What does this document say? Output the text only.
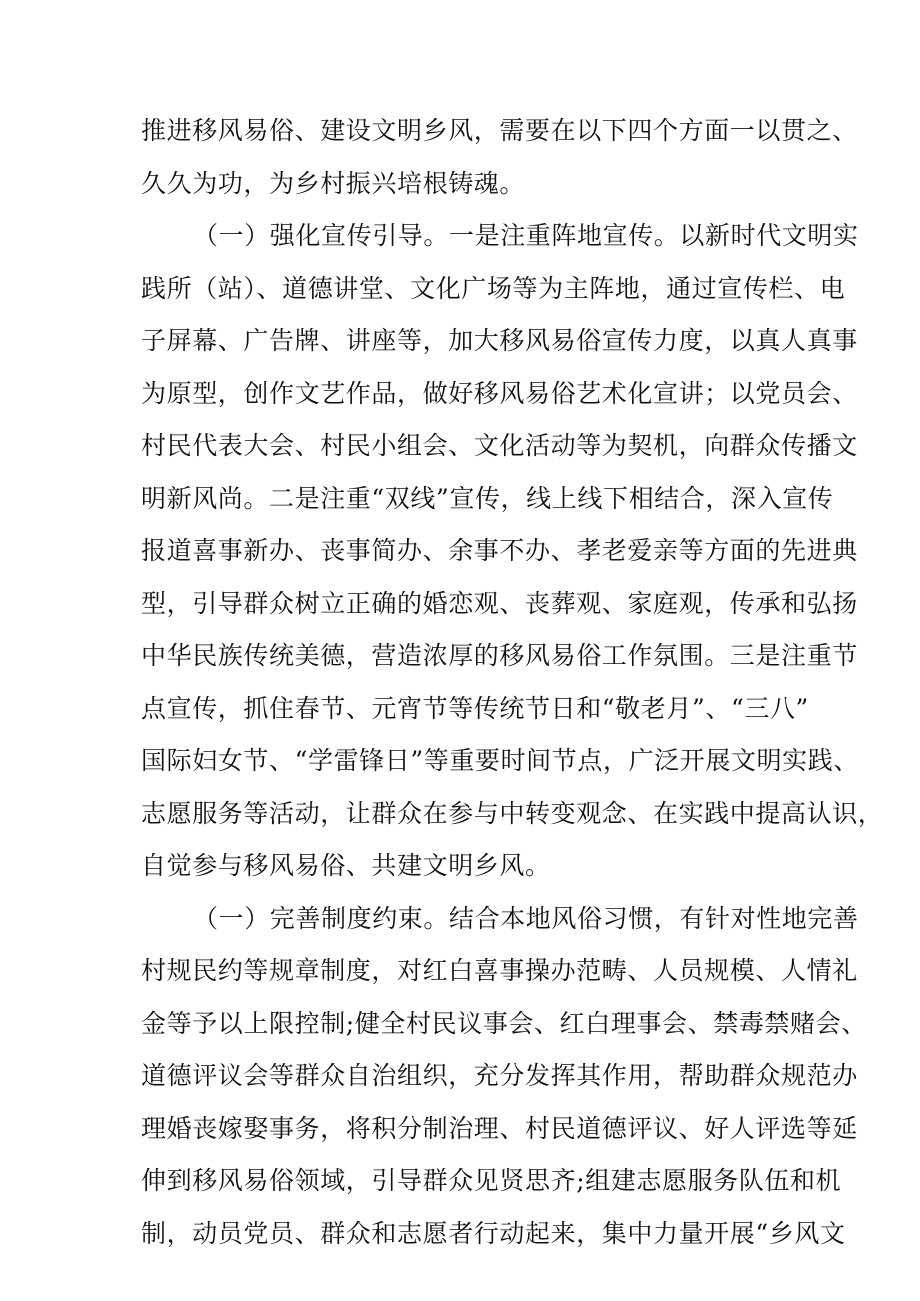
推进移风易俗、建设文明乡风，需要在以下四个方面一以贯之、
久久为功，为乡村振兴培根铸魂。
（一）强化宣传引导。一是注重阵地宣传。以新时代文明实
践所（站）、道德讲堂、文化广场等为主阵地，通过宣传栏、电
子屏幕、广告牌、讲座等，加大移风易俗宣传力度，以真人真事
为原型，创作文艺作品，做好移风易俗艺术化宣讲；以党员会、
村民代表大会、村民小组会、文化活动等为契机，向群众传播文
明新风尚。二是注重“双线”宣传，线上线下相结合，深入宣传
报道喜事新办、丧事简办、余事不办、孝老爱亲等方面的先进典
型，引导群众树立正确的婚恋观、丧葬观、家庭观，传承和弘扬
中华民族传统美德，营造浓厚的移风易俗工作氛围。三是注重节
点宣传，抓住春节、元宵节等传统节日和“敬老月”、“三八”
国际妇女节、“学雷锋日”等重要时间节点，广泛开展文明实践、
志愿服务等活动，让群众在参与中转变观念、在实践中提高认识，
自觉参与移风易俗、共建文明乡风。
（一）完善制度约束。结合本地风俗习惯，有针对性地完善
村规民约等规章制度，对红白喜事操办范畴、人员规模、人情礼
金等予以上限控制;健全村民议事会、红白理事会、禁毒禁赌会、
道德评议会等群众自治组织，充分发挥其作用，帮助群众规范办
理婚丧嫁娶事务，将积分制治理、村民道德评议、好人评选等延
伸到移风易俗领域，引导群众见贤思齐;组建志愿服务队伍和机
制，动员党员、群众和志愿者行动起来，集中力量开展“乡风文
